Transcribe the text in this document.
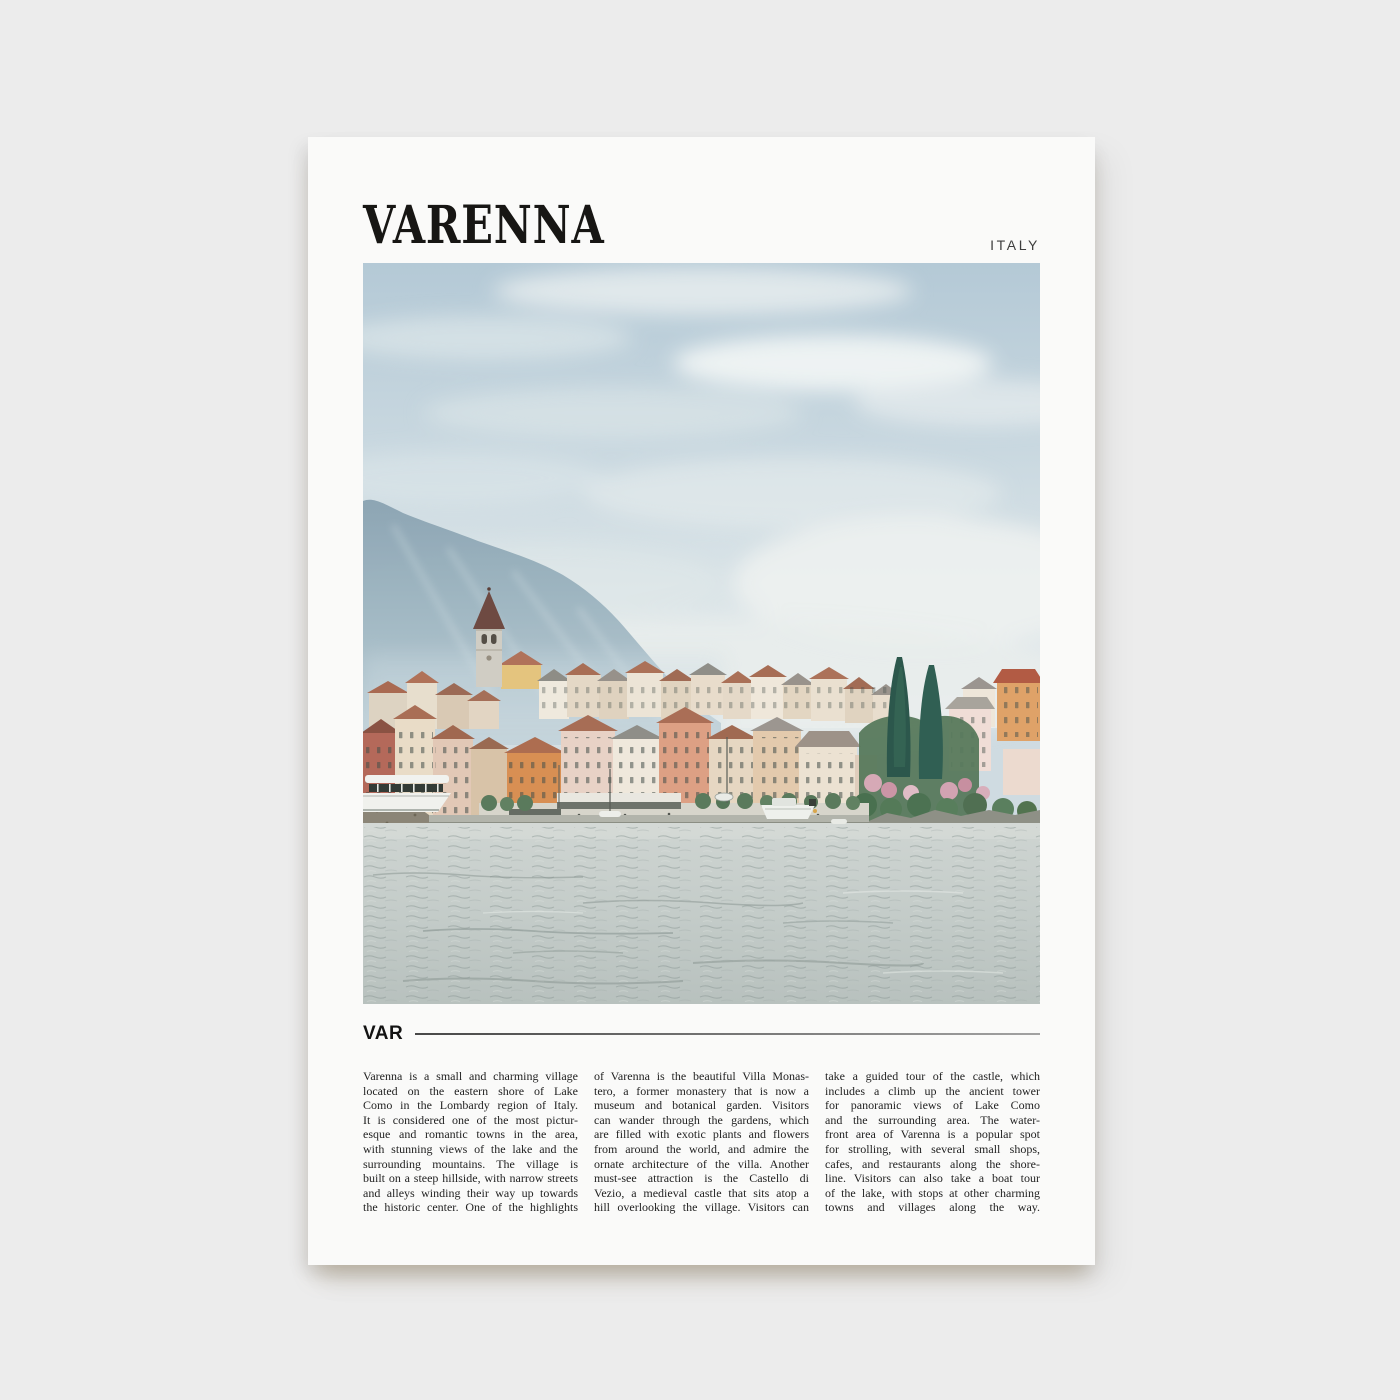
VARENNA	ITALY
VAR
Varenna is a small and charming village
located on the eastern shore of Lake
Como in the Lombardy region of Italy.
It is considered one of the most pictur-
esque and romantic towns in the area,
with stunning views of the lake and the
surrounding mountains. The village is
built on a steep hillside, with narrow streets
and alleys winding their way up towards
the historic center. One of the highlights
of Varenna is the beautiful Villa Monas-
tero, a former monastery that is now a
museum and botanical garden. Visitors
can wander through the gardens, which
are filled with exotic plants and flowers
from around the world, and admire the
ornate architecture of the villa. Another
must-see attraction is the Castello di
Vezio, a medieval castle that sits atop a
hill overlooking the village. Visitors can
take a guided tour of the castle, which
includes a climb up the ancient tower
for panoramic views of Lake Como
and the surrounding area. The water-
front area of Varenna is a popular spot
for strolling, with several small shops,
cafes, and restaurants along the shore-
line. Visitors can also take a boat tour
of the lake, with stops at other charming
towns and villages along the way.
